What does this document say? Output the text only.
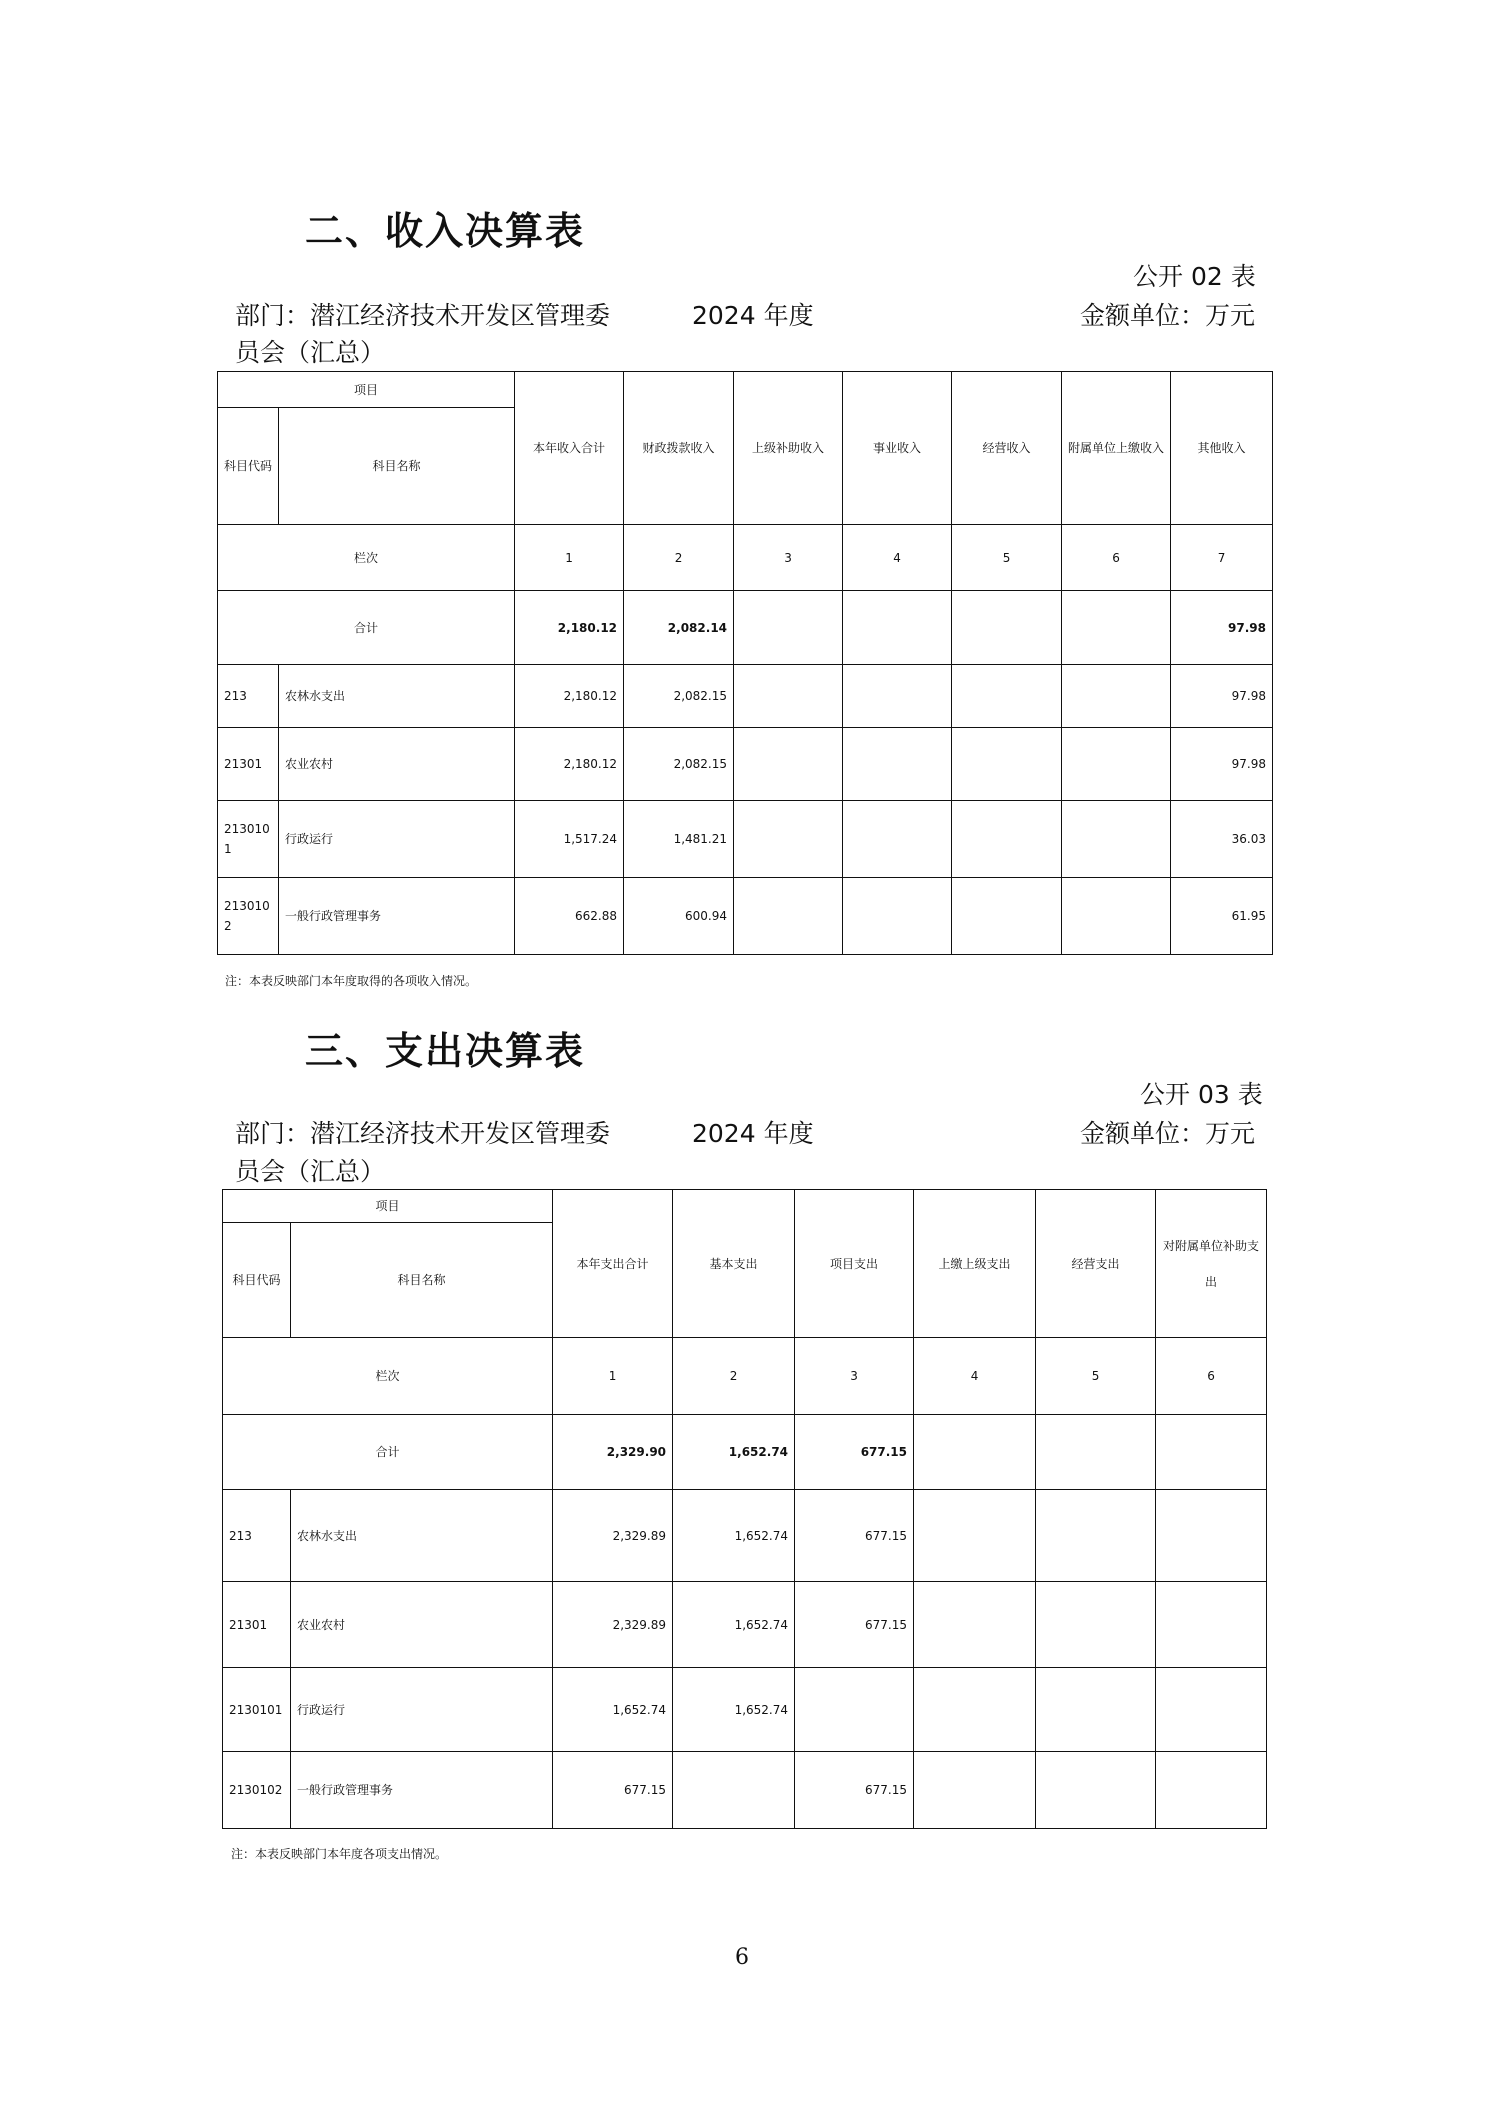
二、收入决算表
公开 02 表
部门：潜江经济技术开发区管理委	2024 年度	金额单位：万元
员会（汇总）
项目		本年收入合计	财政拨款收入	上级补助收入	事业收入	经营收入	附属单位上缴收入	其他收入
科目代码	科目名称							
栏次		1	2	3	4	5	6	7
合计		2,180.12	2,082.14					97.98
213	农林水支出	2,180.12	2,082.15					97.98
21301	农业农村	2,180.12	2,082.15					97.98
2130101	行政运行	1,517.24	1,481.21					36.03
2130102	一般行政管理事务	662.88	600.94					61.95
注：本表反映部门本年度取得的各项收入情况。
三、支出决算表
公开 03 表
部门：潜江经济技术开发区管理委	2024 年度	金额单位：万元
员会（汇总）
项目		本年支出合计	基本支出	项目支出	上缴上级支出	经营支出	对附属单位补助支出
科目代码	科目名称						
栏次		1	2	3	4	5	6
合计		2,329.90	1,652.74	677.15			
213	农林水支出	2,329.89	1,652.74	677.15			
21301	农业农村	2,329.89	1,652.74	677.15			
2130101	行政运行	1,652.74	1,652.74				
2130102	一般行政管理事务	677.15		677.15			
注：本表反映部门本年度各项支出情况。
6
